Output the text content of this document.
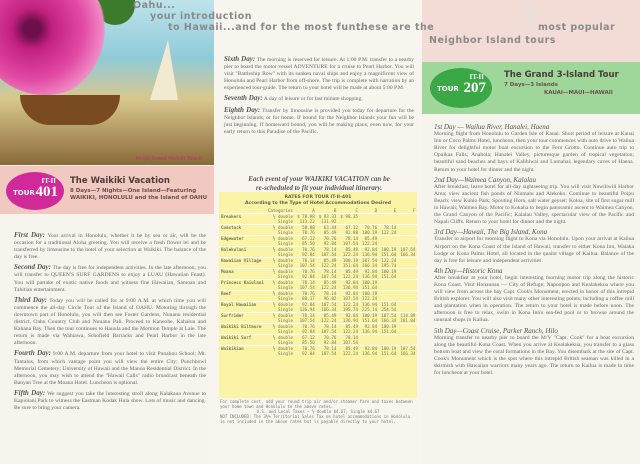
World-famed Waikiki Beach
IT-II
TOUR 401
The Waikiki Vacation
8 Days—7 Nights—One Island—Featuring
WAIKIKI, HONOLULU and the Island of OAHU

First Day: Your arrival in Honolulu, whether it be by sea or air, will be the occasion for a traditional Aloha greeting. You will receive a fresh flower lei and be transferred by limousine to the hotel of your selection at Waikiki. The balance of the day is free.

Second Day: The day is free for independent activities. In the late afternoon, you will transfer to QUEEN'S SURF GARDENS to enjoy a LUAU (Hawaiian Feast). You will partake of exotic native foods and witness fine Hawaiian, Samoan and Tahitian entertainment.

Third Day: Today you will be called for at 9:00 A.M. at which time you will commence the all-day Circle Tour of the Island of OAHU. Motoring through the downtown part of Honolulu, you will then see Foster Gardens, Nuuanu residential district, Oahu Country Club and Nuuanu Pali. Proceed to Kaneohe, Kahaluu and Kahana Bay. Then the tour continues to Hauula and the Mormon Temple at Laie. The return is made via Wahiawa, Schofield Barracks and Pearl Harbor in the late afternoon.

Fourth Day: 9:00 A.M. departure from your hotel to visit Punahou School; Mt. Tantalus, from which vantage point you will view the entire City; Punchbowl Memorial Cemetery; University of Hawaii and the Manoa Residential District. In the afternoon, you may wish to attend the "Hawaii Calls" radio broadcast beneath the Banyan Tree at the Moana Hotel. Luncheon is optional.

Fifth Day: We suggest you take the interesting stroll along Kalakaua Avenue to Kapiolani Park to witness the Eastman Kodak Hula show. Lots of music and dancing. Be sure to bring your camera.

Sixth Day: The morning is reserved for leisure. At 1:00 P.M. transfer to a nearby pier to board the motor vessel ADVENTURE for a cruise to Pearl Harbor. You will visit "Battleship Row" with its sunken naval ships and enjoy a magnificent view of Honolulu and Pearl Harbor from off-shore. The trip is complete with narration by an experienced tour-guide. The return to your hotel will be made at about 5:00 P.M.

Seventh Day: A day of leisure or for last minute shopping.

Eighth Day: Transfer by limousine is provided you today for departure for the Neighbor Islands, or for home. If bound for the Neighbor Islands your fun will be just beginning. If homeward bound, you will be making plans, even now, for your early return to this Paradise of the Pacific.

Each event of your WAIKIKI VACATION can be
re-scheduled to fit your individual itinerary.
RATES FOR TOUR IT-II-401
According to the Type of Hotel Accommodations Desired
	Categories	A	B	C	D	E	F
Breakers	½ double	$ 78.98	$ 93.33	$ 98.35			
	Single	113.22	131.92				
Comstock	½ double	58.88	63.44	67.12	70.76	78.14	
	Single	70.76	85.49	92.88	100.19	122.24	
Edgewater	½ double	67.12	70.76	78.14	85.49		
	Single	85.50	92.84	107.54	122.24		
Halekulani	½ double	70.76	78.14	85.49	92.84	100.19	107.54
	Single	92.84	107.54	122.24	136.94	151.64	166.34
Hawaiian Village	½ double	78.14	85.49	100.19	107.54	122.24	
	Single	107.54	122.24	151.64	166.34	195.74	
Moana	½ double	70.76	78.14	85.49	92.84	100.19	
	Single	92.84	107.54	122.24	136.94	151.64	
Princess Kaiulani	½ double	78.14	85.49	92.84	100.19		
	Single	107.54	122.24	136.94	151.64		
Reef	½ double	70.76	78.14	92.84	100.19		
	Single	88.17	96.82	107.54	122.24		
Royal Hawaiian	½ double	92.84	107.54	122.24	136.94	151.64	
	Single	136.94	166.34	195.74	225.14	254.54	
Surfrider	½ double	78.14	85.49	92.84	100.19	107.54	114.89
	Single	107.54	122.24	136.94	151.64	166.34	181.04
Waikiki Biltmore	½ double	70.76	78.14	85.49	92.84	100.19	
	Single	92.84	107.54	122.24	136.94	151.64	
Waikiki Surf	½ double	67.12	70.76	78.14			
	Single	85.50	92.84	107.54			
Waikikian	½ double	70.76	78.14	85.49	92.84	100.19	107.54
	Single	92.84	107.54	122.24	136.94	151.64	166.34
For complete cost, add your round trip air and/or steamer fare and taxes between your home town and Honolulu to the above rates.
U.S. and Local Taxes — ½ double $4.67, Single $4.67
NOT INCLUDED: The 3½% Territorial Sales Tax on hotel accommodations in Honolulu is not included in the above rates but is payable directly to your hotel.
IT-II
TOUR 207
The Grand 3-Island Tour
7 Days—3 Islands
KAUAI—MAUI—HAWAII

1st Day — Wailua River, Hanalei, Haena
Morning flight from Honolulu to Garden Isle of Kauai. Short period of leisure at Kauai Inn or Coco Palms Hotel, luncheon, then your tour commences with auto drive to Wailua River for delightful motor boat excursion to the Fern Grotto. Continue auto trip to Opaikaa Falls; Anahola; Hanalei Valley, picturesque garden of tropical vegetation; beautiful sand beaches and bays of Kalihiwai and Lumahai; legendary caves of Haena. Return to your hotel for dinner and the night.

2nd Day—Waimea Canyon, Kalalau
After breakfast, leave hotel for all-day sightseeing trip. You will visit Nawiliwili Harbor Area; view ancient fish ponds of Niumalu and Alekoko. Continue to beautiful Poipu Beach; view Kuhio Park; Spouting Horn, salt water geyser; Koloa, site of first sugar mill in Hawaii; Waimea Bay. Motor to Kokaha to begin panoramic ascent to Waimea Canyon, the Grand Canyon of the Pacific; Kalalau Valley, spectacular view of the Pacific and Napali Cliffs. Return to your hotel for dinner and the night.

3rd Day—Hawaii, The Big Island, Kona
Transfer to airport for morning flight to Kona via Honolulu. Upon your arrival at Kailua Airport on the Kona Coast of the Island of Hawaii, transfer to either Kona Inn, Waiaka Lodge or Kona Palms Hotel, all located in the quaint village of Kailua. Balance of the day is free for leisure and independent activities.

4th Day—Historic Kona
After breakfast at your hotel, begin interesting morning motor trip along the historic Kona Coast. Visit Honaunau — City of Refuge; Napoopoo and Kealakekua where you will view from across the bay Capt. Cook's Monument, erected in honor of this intrepid British explorer. You will also visit many other interesting points, including a coffee mill and plantation when in operation. The return to your hotel is made before noon. The afternoon is free to relax, swim in Kona Inn's sea-fed pool or to browse around the unusual shops in Kailua.

5th Day—Coast Cruise, Parker Ranch, Hilo
Morning transfer to nearby pier to board the M/V "Capt. Cook" for a boat excursion along the beautiful Kona Coast. When you arrive at Kealakekua, you transfer to a glass bottom boat and view the coral formations in the Bay. You disembark at the site of Capt. Cook's Monument which is the spot where this intrepid British seaman was killed in a skirmish with Hawaiian warriors many years ago. The return to Kailua is made in time for luncheon at your hotel.

Oahu...
your introduction
to Hawaii...and for the most fun...
these are the 3 most popular
Neighbor Island tours
